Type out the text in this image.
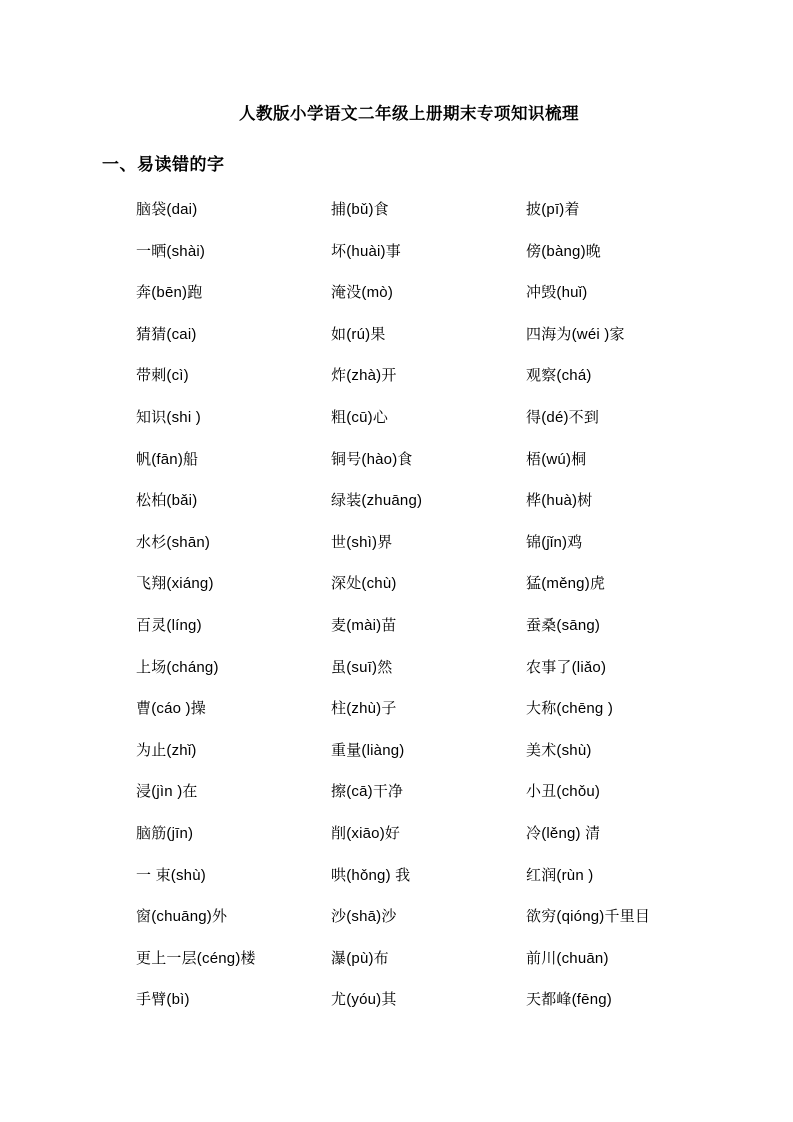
人教版小学语文二年级上册期末专项知识梳理
一、易读错的字
脑袋(dai)	捕(bǔ)食	披(pī)着
一晒(shài)	坏(huài)事	傍(bàng)晚
奔(bēn)跑	淹没(mò)	冲毁(huǐ)
猜猜(cai)	如(rú)果	四海为(wéi )家
带刺(cì)	炸(zhà)开	观察(chá)
知识(shi )	粗(cū)心	得(dé)不到
帆(fān)船	铜号(hào)食	梧(wú)桐
松柏(bǎi)	绿装(zhuāng)	桦(huà)树
水杉(shān)	世(shì)界	锦(jǐn)鸡
飞翔(xiáng)	深处(chù)	猛(měng)虎
百灵(líng)	麦(mài)苗	蚕桑(sāng)
上场(cháng)	虽(suī)然	农事了(liǎo)
曹(cáo )操	柱(zhù)子	大称(chēng )
为止(zhǐ)	重量(liàng)	美术(shù)
浸(jìn )在	擦(cā)干净	小丑(chǒu)
脑筋(jīn)	削(xiāo)好	冷(lěng) 清
一 束(shù)	哄(hǒng) 我	红润(rùn )
窗(chuāng)外	沙(shā)沙	欲穷(qióng)千里目
更上一层(céng)楼	瀑(pù)布	前川(chuān)
手臂(bì)	尤(yóu)其	天都峰(fēng)
